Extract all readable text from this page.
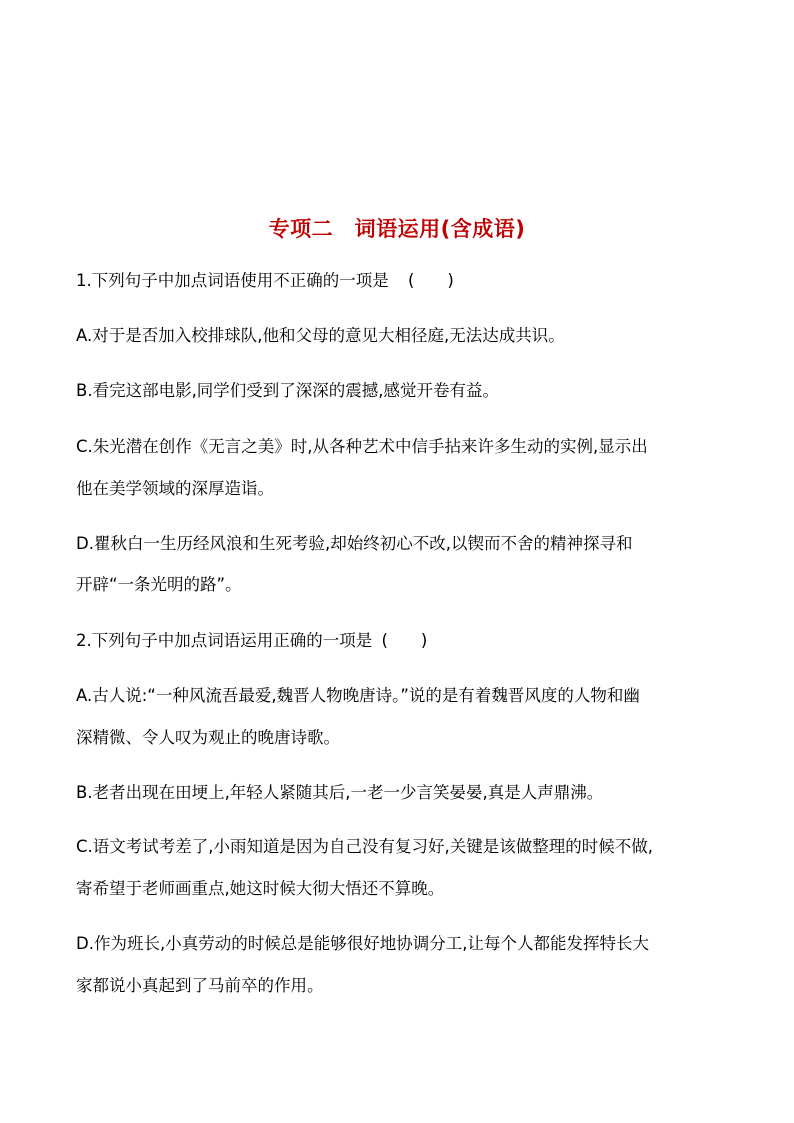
专项二　词语运用(含成语)

1.下列句子中加点词语使用不正确的一项是 (　　)

A.对于是否加入校排球队,他和父母的意见大相径庭,无法达成共识。

B.看完这部电影,同学们受到了深深的震撼,感觉开卷有益。

C.朱光潜在创作《无言之美》时,从各种艺术中信手拈来许多生动的实例,显示出

他在美学领域的深厚造诣。

D.瞿秋白一生历经风浪和生死考验,却始终初心不改,以锲而不舍的精神探寻和

开辟“一条光明的路”。

2.下列句子中加点词语运用正确的一项是 (　　)

A.古人说:“一种风流吾最爱,魏晋人物晚唐诗。”说的是有着魏晋风度的人物和幽

深精微、令人叹为观止的晚唐诗歌。

B.老者出现在田埂上,年轻人紧随其后,一老一少言笑晏晏,真是人声鼎沸。

C.语文考试考差了,小雨知道是因为自己没有复习好,关键是该做整理的时候不做,

寄希望于老师画重点,她这时候大彻大悟还不算晚。

D.作为班长,小真劳动的时候总是能够很好地协调分工,让每个人都能发挥特长大

家都说小真起到了马前卒的作用。
